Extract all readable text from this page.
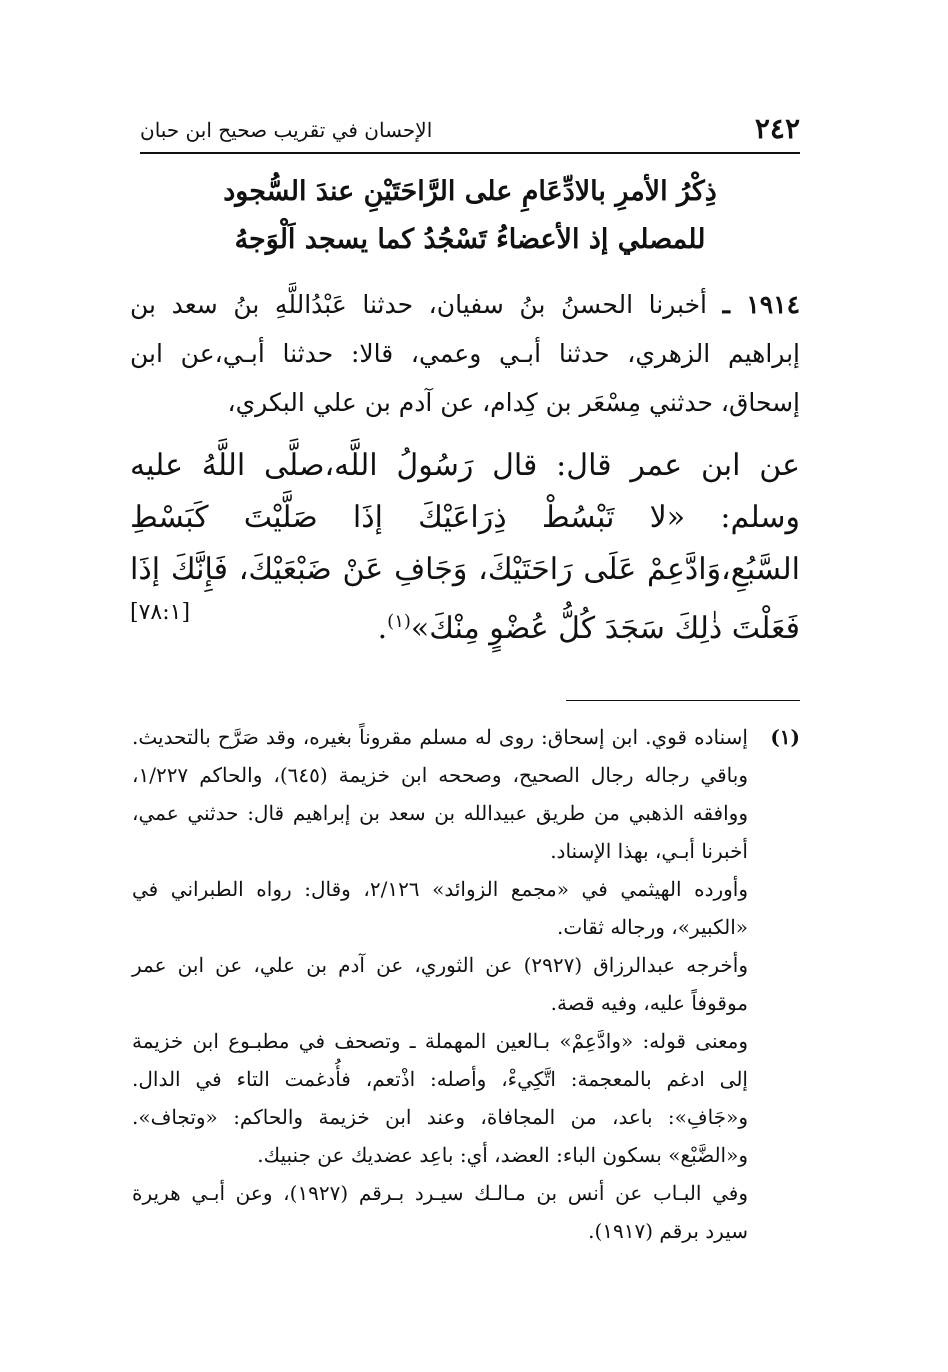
٢٤٢
الإحسان في تقريب صحيح ابن حبان
ذِكْرُ الأمرِ بالادِّعَامِ على الرَّاحَتَيْنِ عندَ السُّجود
للمصلي إذ الأعضاءُ تَسْجُدُ كما يسجد اَلْوَجهُ
١٩١٤ ـ أخبرنا الحسنُ بنُ سفيان، حدثنا عَبْدُاللَّهِ بنُ سعد بن إبراهيم الزهري، حدثنا أبـي وعمي، قالا: حدثنا أبـي،عن ابن إسحاق، حدثني مِسْعَر بن كِدام، عن آدم بن علي البكري،
عن ابن عمر قال: قال رَسُولُ اللَّه،صلَّى اللَّهُ عليه وسلم: «لا تَبْسُطْ ذِرَاعَيْكَ إذَا صَلَّيْتَ كَبَسْطِ السَّبُعِ،وَادَّعِمْ عَلَى رَاحَتَيْكَ، وَجَافِ عَنْ ضَبْعَيْكَ، فَإِنَّكَ إذَا فَعَلْتَ ذٰلِكَ سَجَدَ كُلُّ عُضْوٍ مِنْكَ»$^{(١)}$.
[٧٨:١]
(١)
إسناده قوي. ابن إسحاق: روى له مسلم مقروناً بغيره، وقد صَرَّح بالتحديث. وباقي رجاله رجال الصحيح، وصححه ابن خزيمة (٦٤٥)، والحاكم ١/٢٢٧، ووافقه الذهبي من طريق عبيدالله بن سعد بن إبراهيم قال: حدثني عمي، أخبرنا أبـي، بهذا الإسناد.
وأورده الهيثمي في «مجمع الزوائد» ٢/١٢٦، وقال: رواه الطبراني في «الكبير»، ورجاله ثقات.
وأخرجه عبدالرزاق (٢٩٢٧) عن الثوري، عن آدم بن علي، عن ابن عمر موقوفاً عليه، وفيه قصة.
ومعنى قوله: «وادَّعِمْ» بـالعين المهملة ـ وتصحف في مطبـوع ابن خزيمة إلى ادغم بالمعجمة: اتَّكِيءْ، وأصله: اذْتعم، فأُدغمت التاء في الدال. و«جَافِ»: باعد، من المجافاة، وعند ابن خزيمة والحاكم: «وتجاف». و«الضَّبْع» بسكون الباء: العضد، أي: باعِد عضديك عن جنبيك.
وفي البـاب عن أنس بن مـالـك سيـرد بـرقم (١٩٢٧)، وعن أبـي هريرة سيرد برقم (١٩١٧).
